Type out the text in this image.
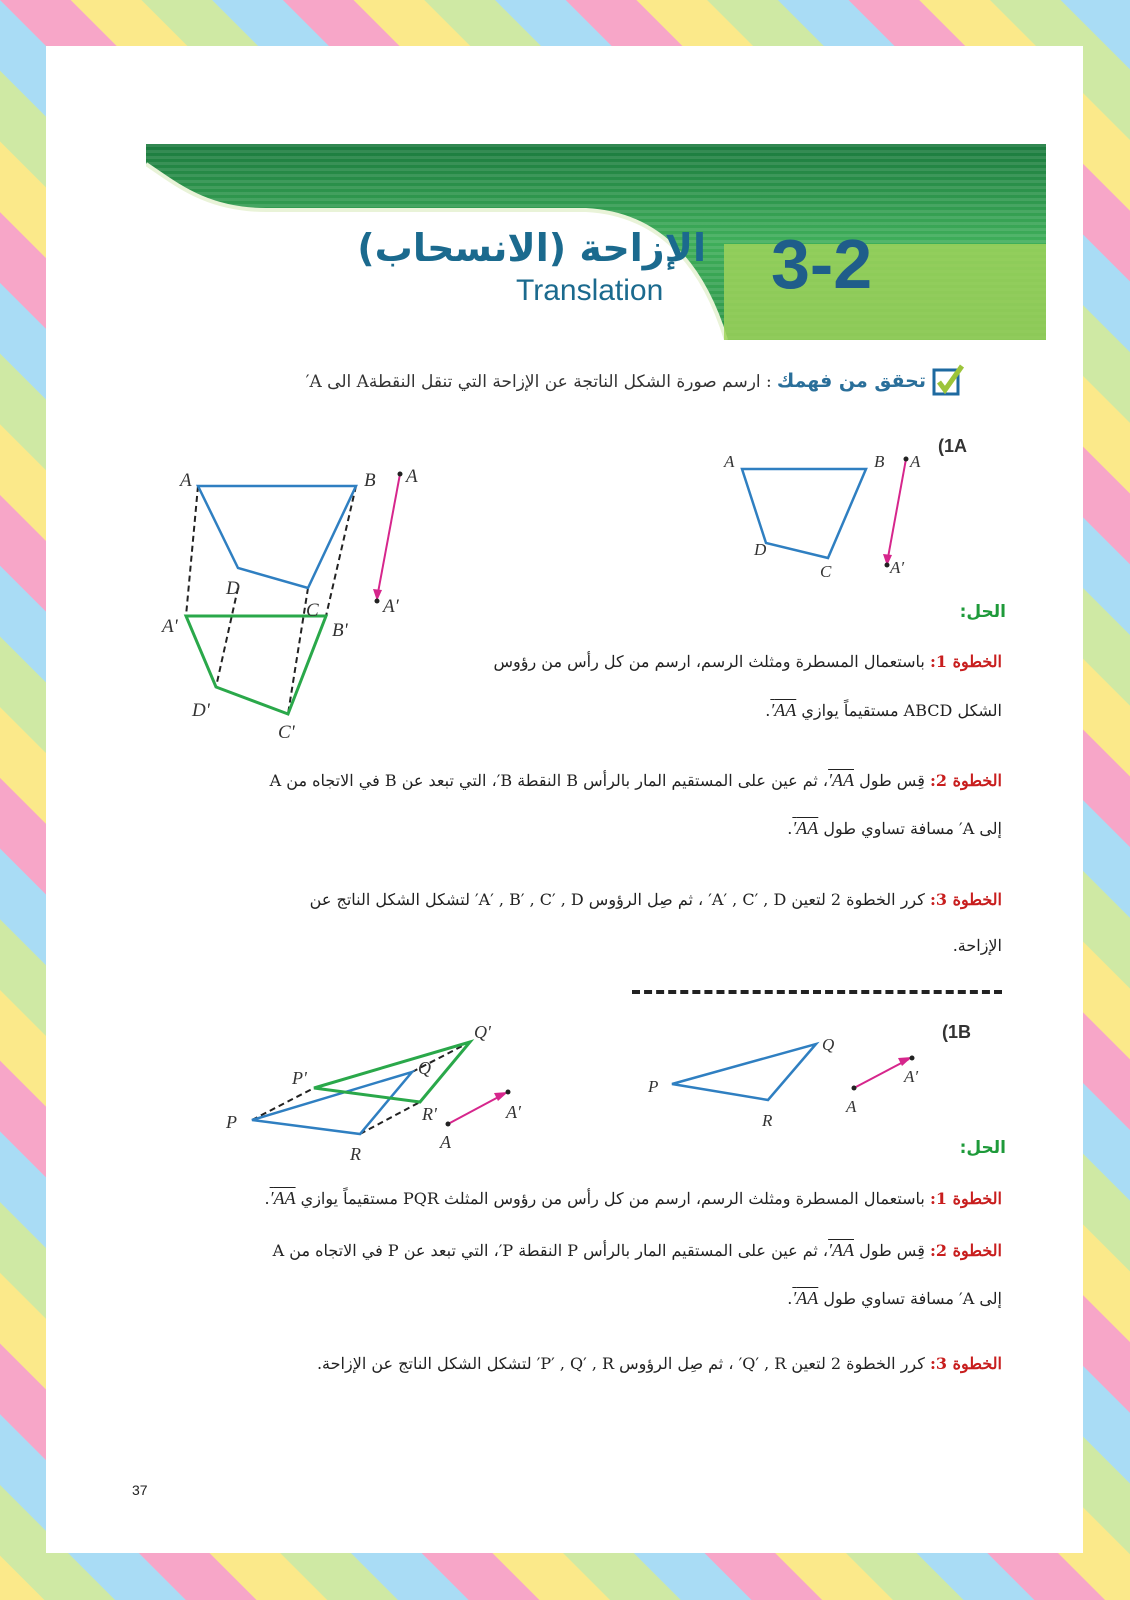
3-2
الإزاحة (الانسحاب)
Translation
تحقق من فهمك : ارسم صورة الشكل الناتجة عن الإزاحة التي تنقل النقطةA الى A′
(1A
A	B
C
D
A
A′
A	B
C
D
A'	B'
C'
D'
A
A′	الحل:
الخطوة 1: باستعمال المسطرة ومثلث الرسم، ارسم من كل رأس من رؤوس
الشكل ABCD مستقيماً يوازي AA′.
الخطوة 2: قِس طول AA′، ثم عين على المستقيم المار بالرأس B النقطة B′، التي تبعد عن B في الاتجاه من A
إلى A′ مسافة تساوي طول AA′.
الخطوة 3: كرر الخطوة 2 لتعين A′ , C′ , D′ ، ثم صِل الرؤوس A′ , B′ , C′ , D′ لتشكل الشكل الناتج عن
الإزاحة.
(1B
P
Q
R
A
A′
P
Q
R
P'
Q'
R'
A
A′
الحل:
الخطوة 1: باستعمال المسطرة ومثلث الرسم، ارسم من كل رأس من رؤوس المثلث PQR مستقيماً يوازي AA′.
الخطوة 2: قِس طول AA′، ثم عين على المستقيم المار بالرأس P النقطة P′، التي تبعد عن P في الاتجاه من A
إلى A′ مسافة تساوي طول AA′.
الخطوة 3: كرر الخطوة 2 لتعين Q′ , R′ ، ثم صِل الرؤوس P′ , Q′ , R′ لتشكل الشكل الناتج عن الإزاحة.
37
